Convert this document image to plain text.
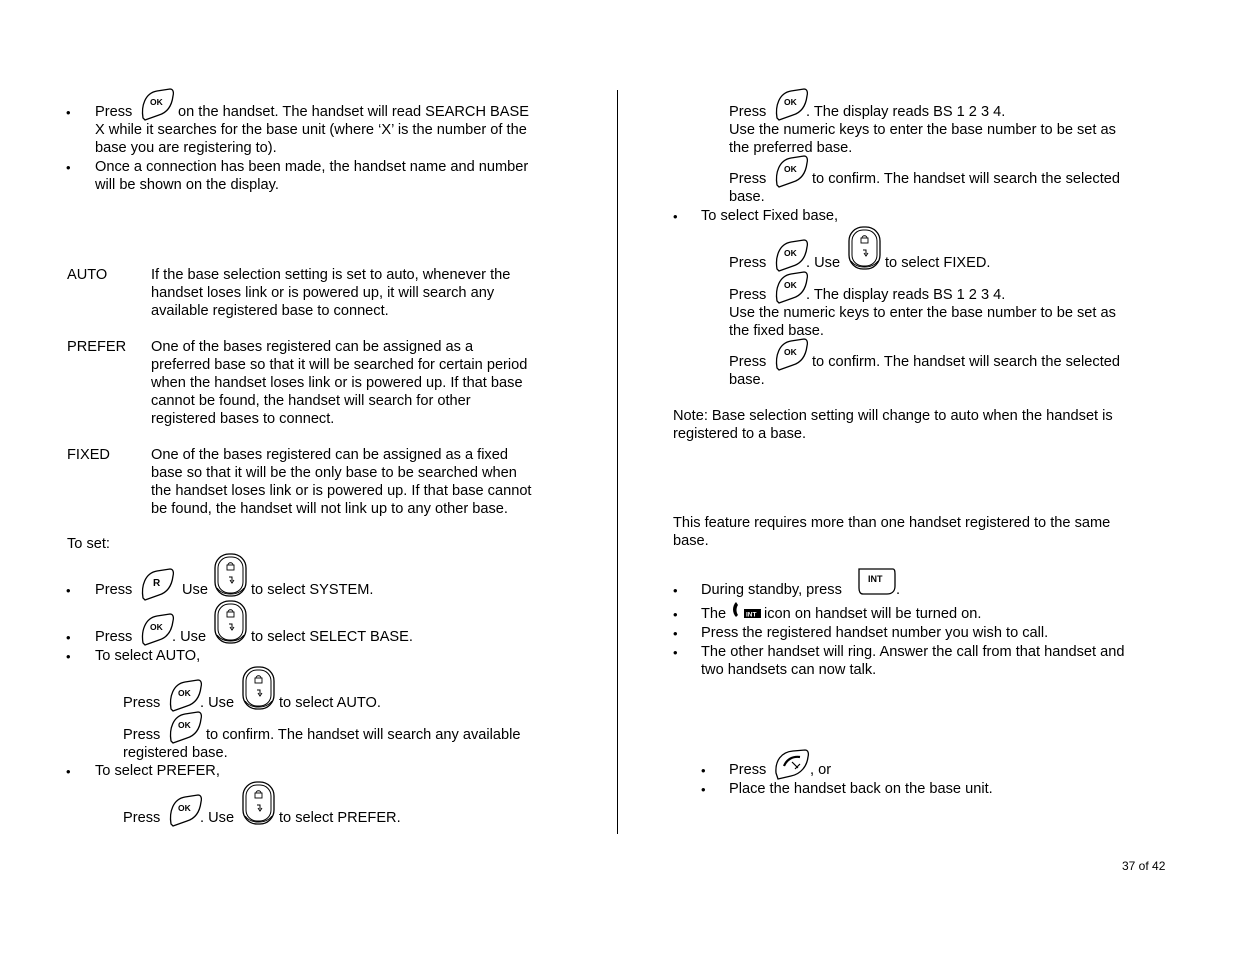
• Press	on the handset. The handset will read SEARCH BASE
X while it searches for the base unit (where ‘X’ is the number of the
base you are registering to).
• Once a connection has been made, the handset name and number
will be shown on the display.
AUTO	If the base selection setting is set to auto, whenever the
handset loses link or is powered up, it will search any
available registered base to connect.
PREFER One of the bases registered can be assigned as a
preferred base so that it will be searched for certain period
when the handset loses link or is powered up. If that base
cannot be found, the handset will search for other
registered bases to connect.
FIXED	One of the bases registered can be assigned as a fixed
base so that it will be the only base to be searched when
the handset loses link or is powered up. If that base cannot
be found, the handset will not link up to any other base.
To set:
• Press	Use	to select SYSTEM.
• Press	. Use	to select SELECT BASE.
• To select AUTO,
Press	. Use	to select AUTO.
Press	to confirm. The handset will search any available
registered base.
• To select PREFER,
Press	. Use	to select PREFER.
Press	. The display reads BS 1 2 3 4.
Use the numeric keys to enter the base number to be set as
the preferred base.
Press	to confirm. The handset will search the selected
base.
• To select Fixed base,
Press	. Use	to select FIXED.
Press	. The display reads BS 1 2 3 4.
Use the numeric keys to enter the base number to be set as
the fixed base.
Press	to confirm. The handset will search the selected
base.
Note: Base selection setting will change to auto when the handset is
registered to a base.
This feature requires more than one handset registered to the same
base.
• During standby, press	.
• The	INT icon on handset will be turned on.
• Press the registered handset number you wish to call.
• The other handset will ring. Answer the call from that handset and
two handsets can now talk.
• Press	, or
• Place the handset back on the base unit.
37 of 42
